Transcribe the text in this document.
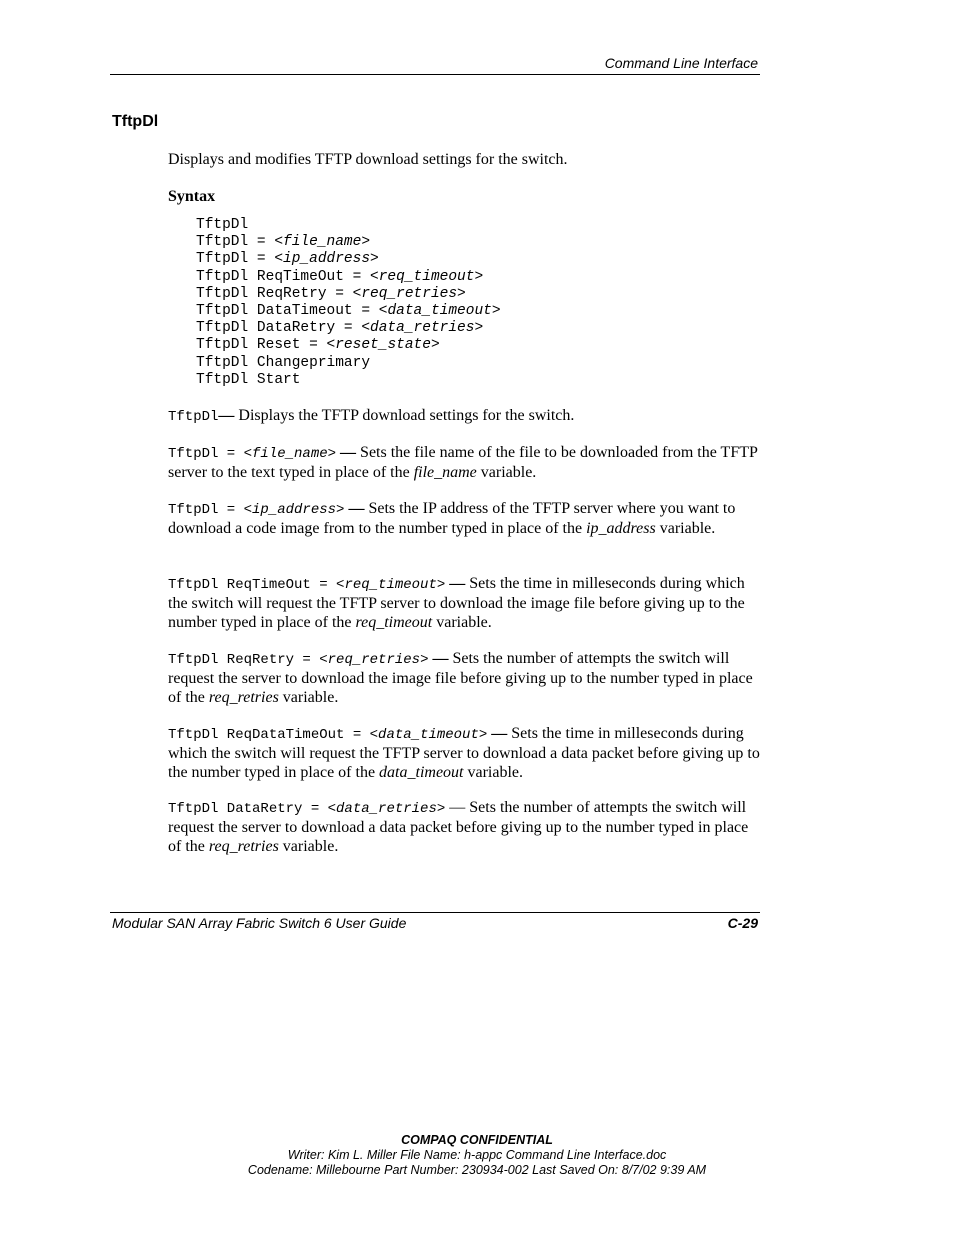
Command Line Interface
TftpDl
Displays and modifies TFTP download settings for the switch.
Syntax
TftpDl
TftpDl = <file_name>
TftpDl = <ip_address>
TftpDl ReqTimeOut = <req_timeout>
TftpDl ReqRetry = <req_retries>
TftpDl DataTimeout = <data_timeout>
TftpDl DataRetry = <data_retries>
TftpDl Reset = <reset_state>
TftpDl Changeprimary
TftpDl Start
TftpDl— Displays the TFTP download settings for the switch.
TftpDl = <file_name> — Sets the file name of the file to be downloaded from the TFTP server to the text typed in place of the file_name variable.
TftpDl = <ip_address> — Sets the IP address of the TFTP server where you want to download a code image from to the number typed in place of the ip_address variable.
TftpDl ReqTimeOut = <req_timeout> — Sets the time in milleseconds during which the switch will request the TFTP server to download the image file before giving up to the number typed in place of the req_timeout variable.
TftpDl ReqRetry = <req_retries> — Sets the number of attempts the switch will request the server to download the image file before giving up to the number typed in place of the req_retries variable.
TftpDl ReqDataTimeOut = <data_timeout> — Sets the time in milleseconds during which the switch will request the TFTP server to download a data packet before giving up to the number typed in place of the data_timeout variable.
TftpDl DataRetry = <data_retries> — Sets the number of attempts the switch will request the server to download a data packet before giving up to the number typed in place of the req_retries variable.
Modular SAN Array Fabric Switch 6 User Guide	C-29
COMPAQ CONFIDENTIAL
Writer: Kim L. Miller File Name: h-appc Command Line Interface.doc
Codename: Millebourne Part Number: 230934-002 Last Saved On: 8/7/02 9:39 AM
